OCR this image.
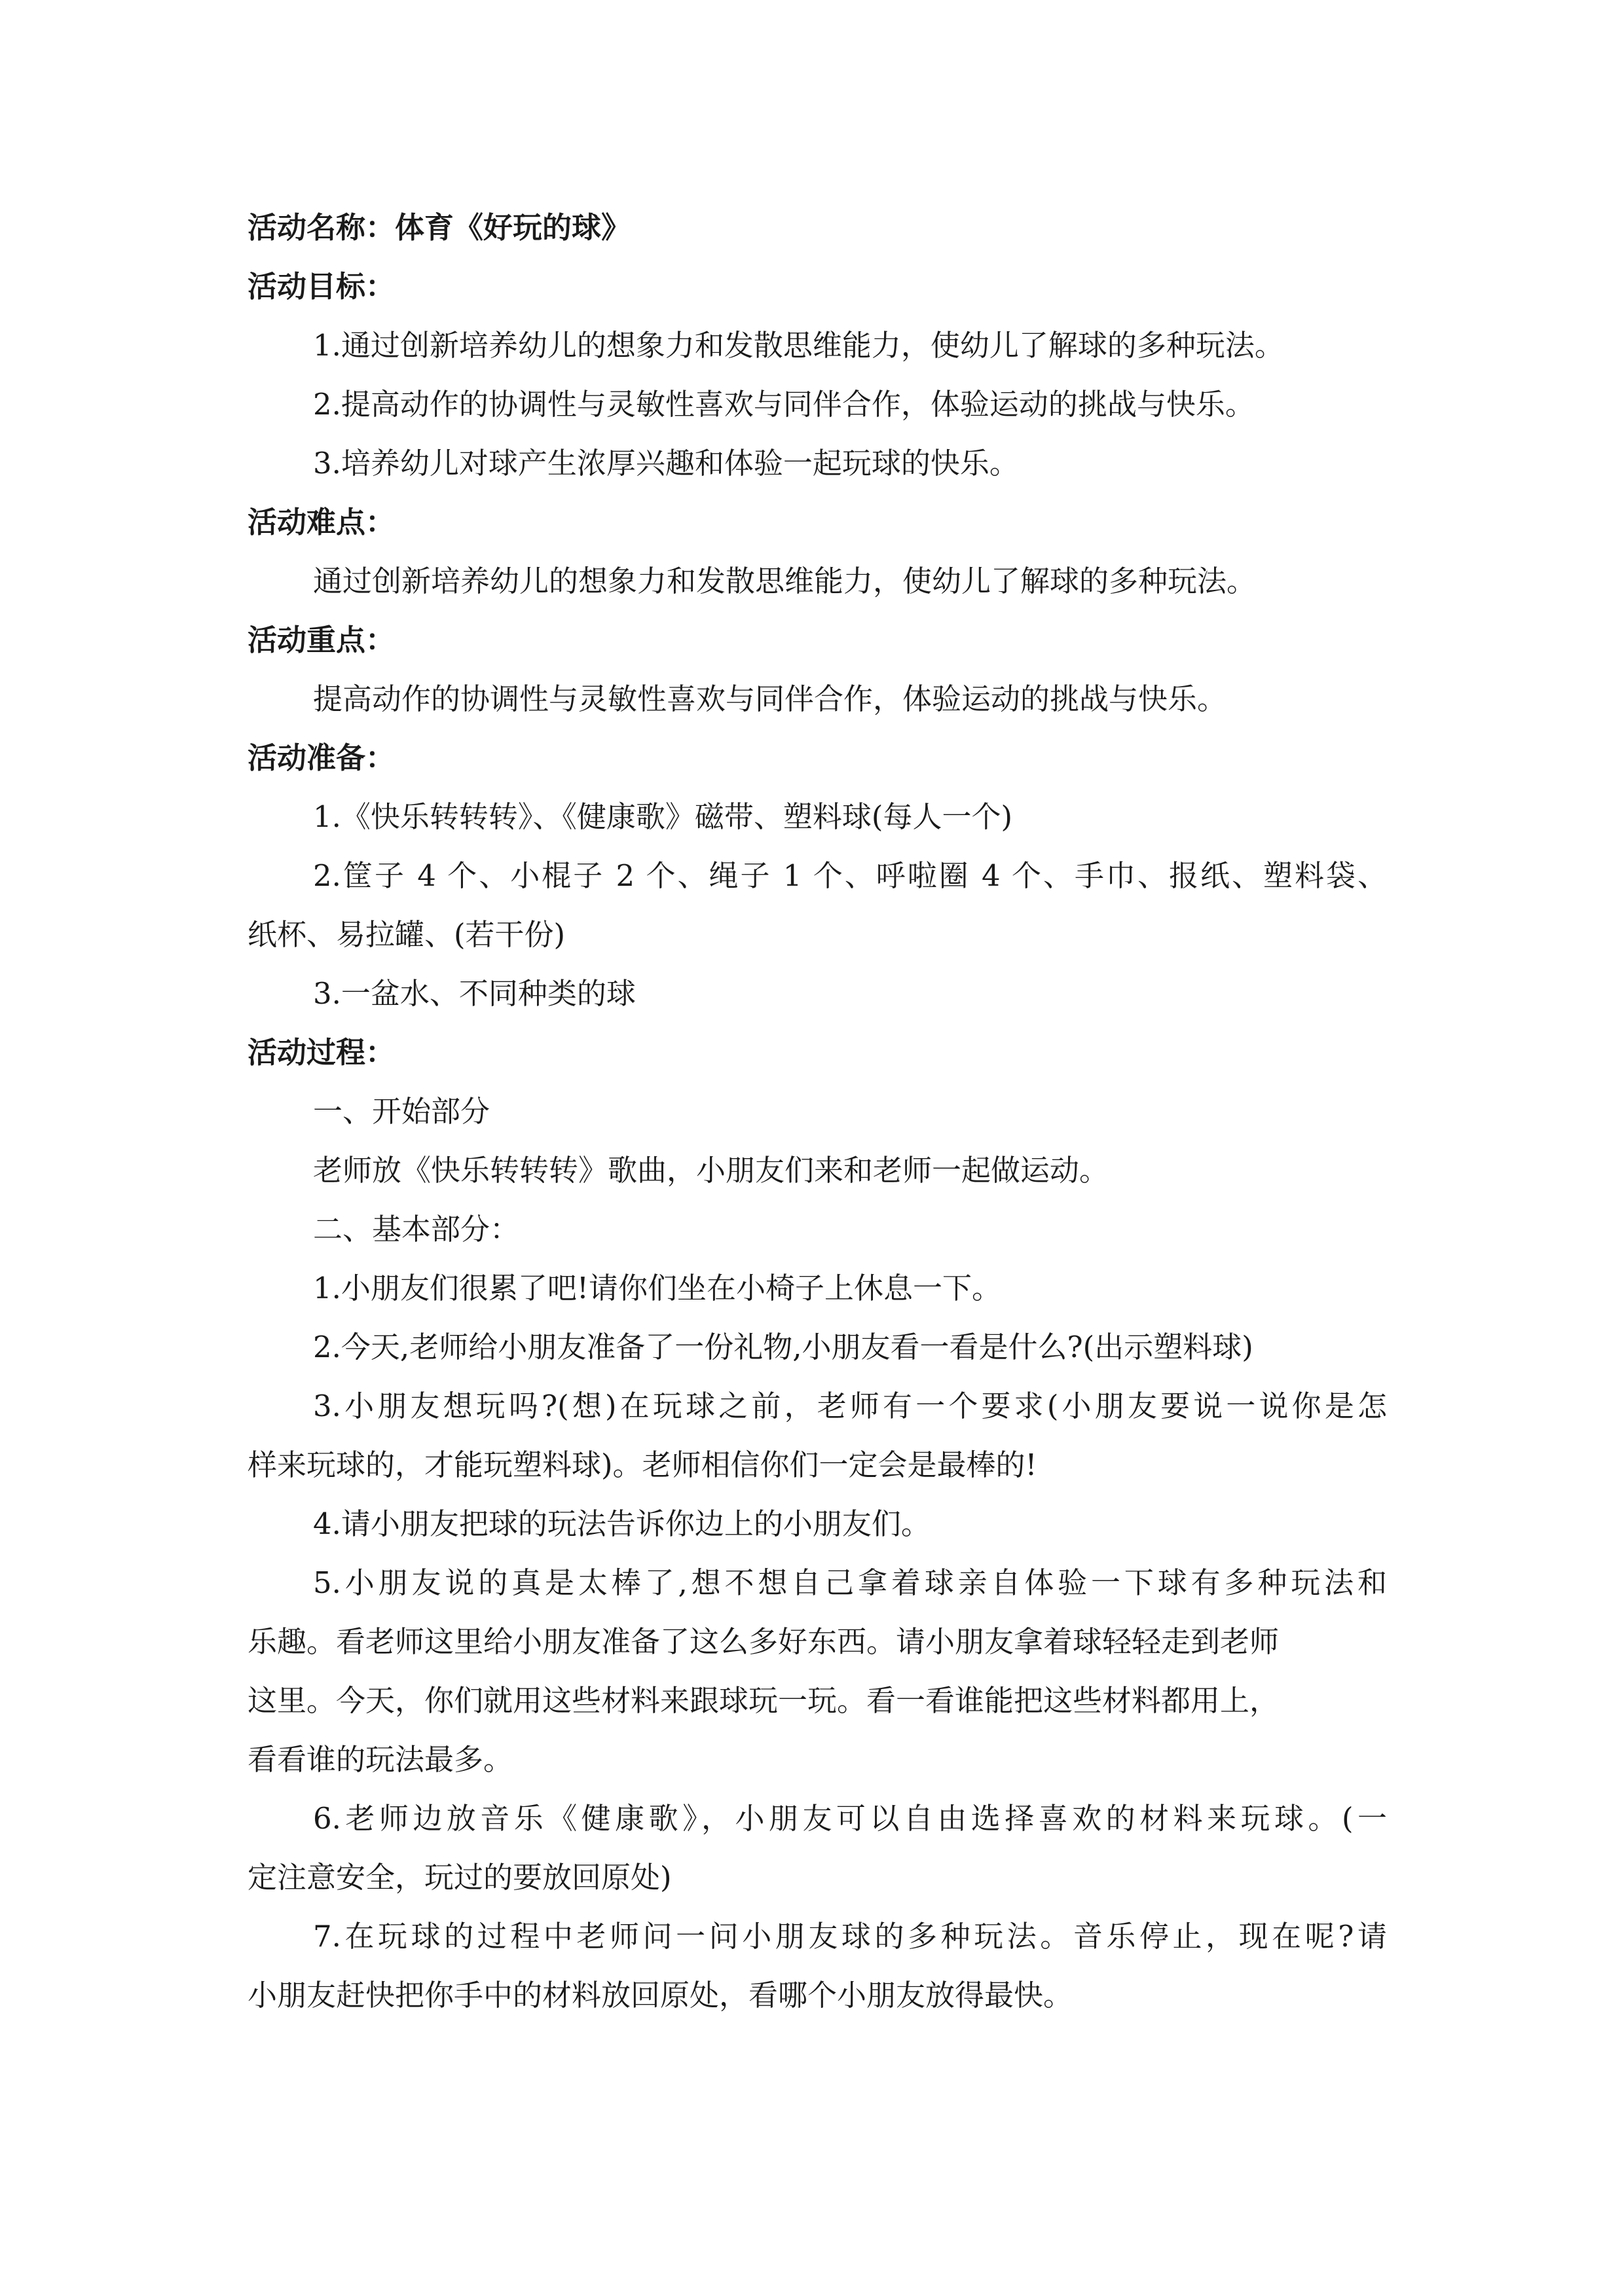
活动名称：体育《好玩的球》
活动目标：
1.通过创新培养幼儿的想象力和发散思维能力，使幼儿了解球的多种玩法。
2.提高动作的协调性与灵敏性喜欢与同伴合作，体验运动的挑战与快乐。
3.培养幼儿对球产生浓厚兴趣和体验一起玩球的快乐。
活动难点：
通过创新培养幼儿的想象力和发散思维能力，使幼儿了解球的多种玩法。
活动重点：
提高动作的协调性与灵敏性喜欢与同伴合作，体验运动的挑战与快乐。
活动准备：
1.《快乐转转转》、《健康歌》磁带、塑料球(每人一个)
2.筐子 4 个、小棍子 2 个、绳子 1 个、呼啦圈 4 个、手巾、报纸、塑料袋、
纸杯、易拉罐、(若干份)
3.一盆水、不同种类的球
活动过程：
一、开始部分
老师放《快乐转转转》歌曲，小朋友们来和老师一起做运动。
二、基本部分：
1.小朋友们很累了吧!请你们坐在小椅子上休息一下。
2.今天,老师给小朋友准备了一份礼物,小朋友看一看是什么?(出示塑料球)
3.小朋友想玩吗?(想)在玩球之前，老师有一个要求(小朋友要说一说你是怎
样来玩球的，才能玩塑料球)。老师相信你们一定会是最棒的!
4.请小朋友把球的玩法告诉你边上的小朋友们。
5.小朋友说的真是太棒了,想不想自己拿着球亲自体验一下球有多种玩法和
乐趣。看老师这里给小朋友准备了这么多好东西。请小朋友拿着球轻轻走到老师
这里。今天，你们就用这些材料来跟球玩一玩。看一看谁能把这些材料都用上，
看看谁的玩法最多。
6.老师边放音乐《健康歌》，小朋友可以自由选择喜欢的材料来玩球。(一
定注意安全，玩过的要放回原处)
7.在玩球的过程中老师问一问小朋友球的多种玩法。音乐停止，现在呢?请
小朋友赶快把你手中的材料放回原处，看哪个小朋友放得最快。
